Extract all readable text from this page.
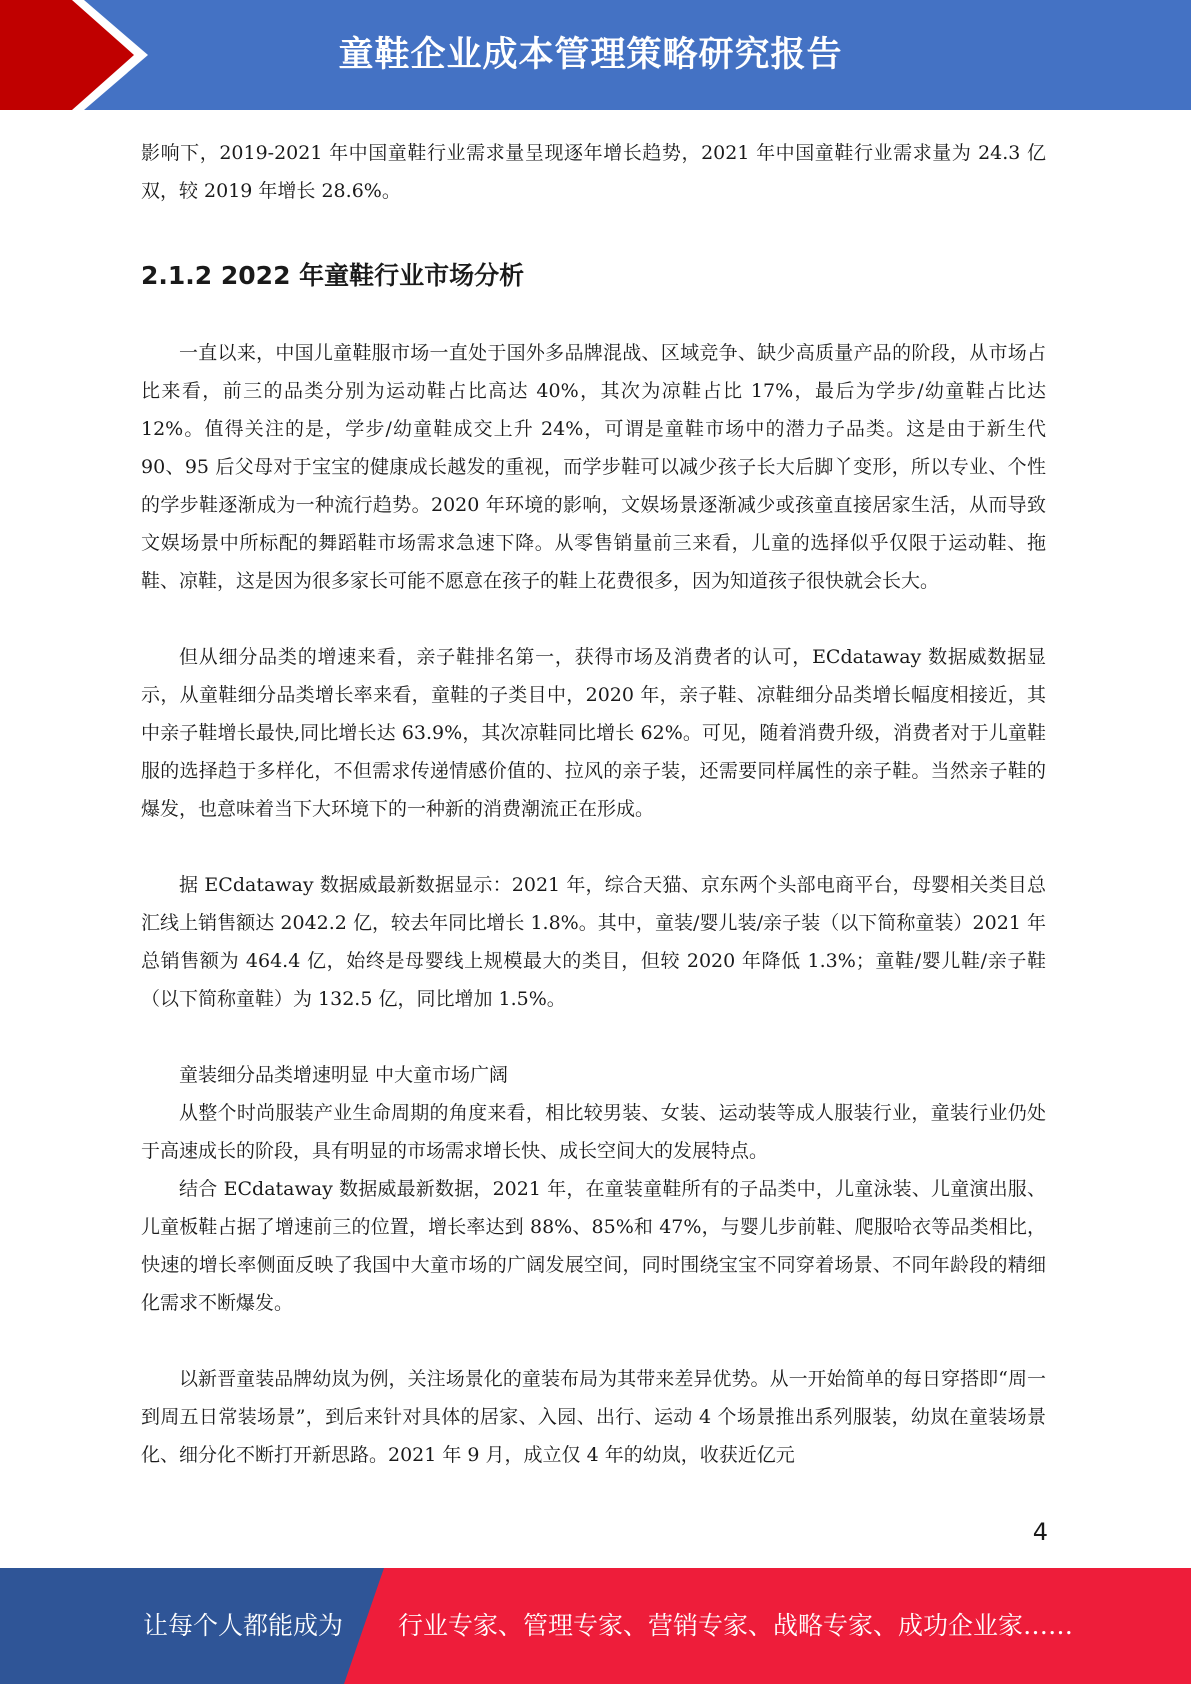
童鞋企业成本管理策略研究报告

影响下，2019-2021 年中国童鞋行业需求量呈现逐年增长趋势，2021 年中国童鞋行业需求量为 24.3 亿双，较 2019 年增长 28.6%。

2.1.2 2022 年童鞋行业市场分析

一直以来，中国儿童鞋服市场一直处于国外多品牌混战、区域竞争、缺少高质量产品的阶段，从市场占比来看，前三的品类分别为运动鞋占比高达 40%，其次为凉鞋占比 17%，最后为学步/幼童鞋占比达 12%。值得关注的是，学步/幼童鞋成交上升 24%，可谓是童鞋市场中的潜力子品类。这是由于新生代 90、95 后父母对于宝宝的健康成长越发的重视，而学步鞋可以减少孩子长大后脚丫变形，所以专业、个性的学步鞋逐渐成为一种流行趋势。2020 年环境的影响，文娱场景逐渐减少或孩童直接居家生活，从而导致文娱场景中所标配的舞蹈鞋市场需求急速下降。从零售销量前三来看，儿童的选择似乎仅限于运动鞋、拖鞋、凉鞋，这是因为很多家长可能不愿意在孩子的鞋上花费很多，因为知道孩子很快就会长大。

但从细分品类的增速来看，亲子鞋排名第一，获得市场及消费者的认可，ECdataway 数据威数据显示，从童鞋细分品类增长率来看，童鞋的子类目中，2020 年，亲子鞋、凉鞋细分品类增长幅度相接近，其中亲子鞋增长最快,同比增长达 63.9%，其次凉鞋同比增长 62%。可见，随着消费升级，消费者对于儿童鞋服的选择趋于多样化，不但需求传递情感价值的、拉风的亲子装，还需要同样属性的亲子鞋。当然亲子鞋的爆发，也意味着当下大环境下的一种新的消费潮流正在形成。

据 ECdataway 数据威最新数据显示：2021 年，综合天猫、京东两个头部电商平台，母婴相关类目总汇线上销售额达 2042.2 亿，较去年同比增长 1.8%。其中，童装/婴儿装/亲子装（以下简称童装）2021 年总销售额为 464.4 亿，始终是母婴线上规模最大的类目，但较 2020 年降低 1.3%；童鞋/婴儿鞋/亲子鞋（以下简称童鞋）为 132.5 亿，同比增加 1.5%。

童装细分品类增速明显 中大童市场广阔

从整个时尚服装产业生命周期的角度来看，相比较男装、女装、运动装等成人服装行业，童装行业仍处于高速成长的阶段，具有明显的市场需求增长快、成长空间大的发展特点。

结合 ECdataway 数据威最新数据，2021 年，在童装童鞋所有的子品类中，儿童泳装、儿童演出服、儿童板鞋占据了增速前三的位置，增长率达到 88%、85%和 47%，与婴儿步前鞋、爬服哈衣等品类相比，快速的增长率侧面反映了我国中大童市场的广阔发展空间，同时围绕宝宝不同穿着场景、不同年龄段的精细化需求不断爆发。

以新晋童装品牌幼岚为例，关注场景化的童装布局为其带来差异优势。从一开始简单的每日穿搭即“周一到周五日常装场景”，到后来针对具体的居家、入园、出行、运动 4 个场景推出系列服装，幼岚在童装场景化、细分化不断打开新思路。2021 年 9 月，成立仅 4 年的幼岚，收获近亿元

4
让每个人都能成为 行业专家、管理专家、营销专家、战略专家、成功企业家……
